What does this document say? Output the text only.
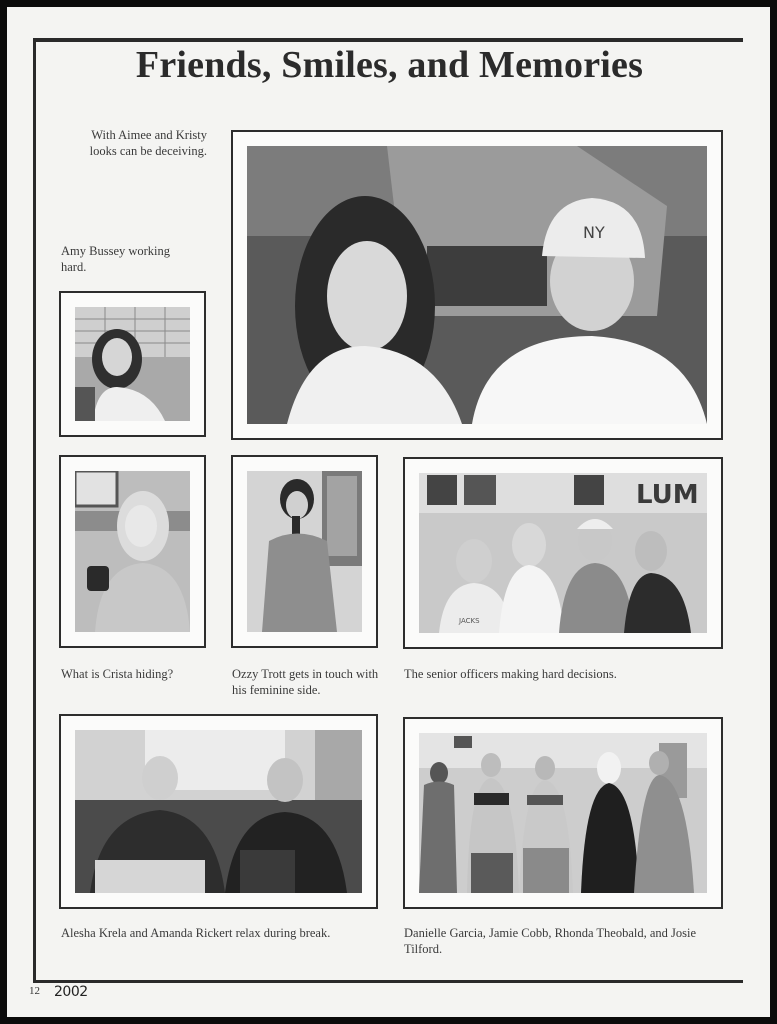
Friends, Smiles, and Memories

With Aimee and Kristy looks can be deceiving.

Amy Bussey working hard.

What is Crista hiding?	Ozzy Trott gets in touch with his feminine side.

The senior officers making hard decisions.

Alesha Krela and Amanda Rickert relax during break.	Danielle Garcia, Jamie Cobb, Rhonda Theobald, and Josie Tilford.

NY
LUM
JACKS
12 2002
